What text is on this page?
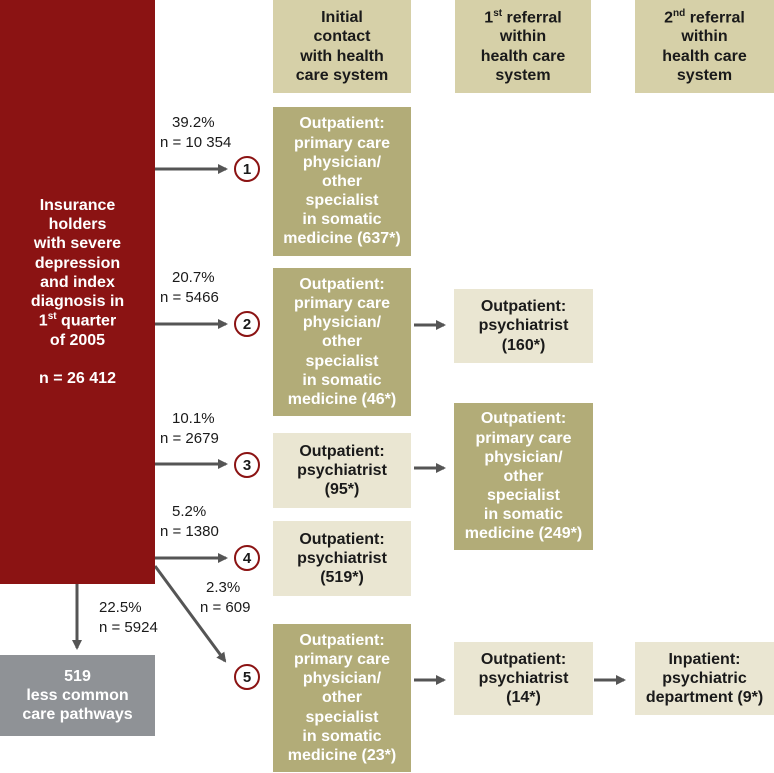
Initial
contact
with health
care system
1st referral
within
health care
system
2nd referral
within
health care
system
Insurance
holders
with severe
depression
and index
diagnosis in
1st quarter
of 2005
n = 26 412
519
less common
care pathways
22.5%
n = 5924
39.2%
n = 10 354
20.7%
n = 5466
10.1%
n = 2679
5.2%
n = 1380
2.3%
n = 609
1
2
3
4
5
Outpatient:
primary care
physician/
other
specialist
in somatic
medicine (637*)
Outpatient:
primary care
physician/
other
specialist
in somatic
medicine (46*)
Outpatient:
psychiatrist
(95*)
Outpatient:
psychiatrist
(519*)
Outpatient:
primary care
physician/
other
specialist
in somatic
medicine (23*)
Outpatient:
psychiatrist
(160*)
Outpatient:
primary care
physician/
other
specialist
in somatic
medicine (249*)
Outpatient:
psychiatrist
(14*)
Inpatient:
psychiatric
department (9*)
